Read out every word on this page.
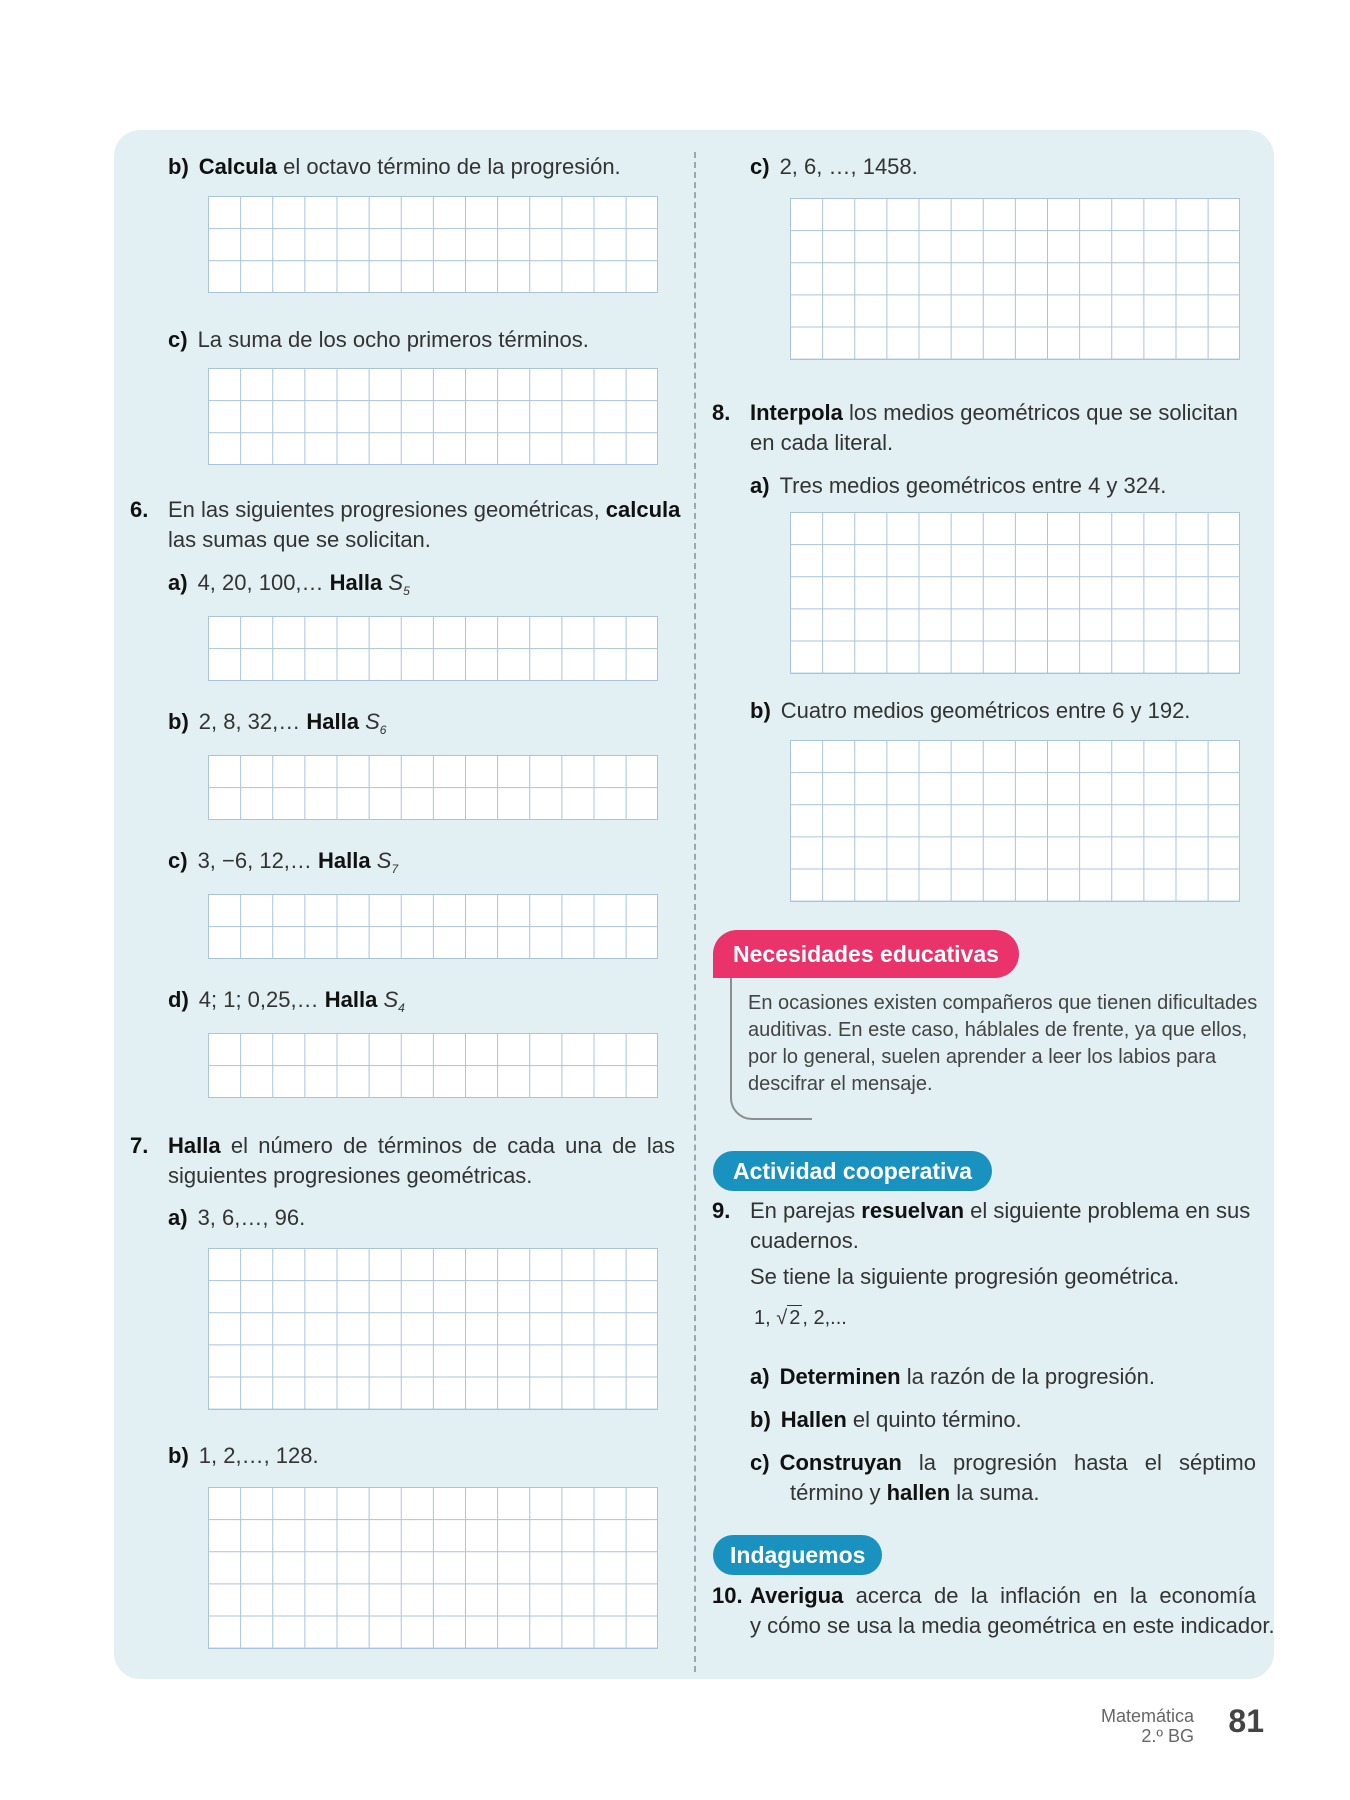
b) Calcula el octavo término de la progresión.
c) La suma de los ocho primeros términos.
6. En las siguientes progresiones geométricas, calcula
las sumas que se solicitan.
a) 4, 20, 100,… Halla $S_5$
b) 2, 8, 32,… Halla $S_6$
c) 3, −6, 12,… Halla $S_7$
d) 4; 1; 0,25,… Halla $S_4$
7. Halla el número de términos de cada una de las
siguientes progresiones geométricas.
a) 3, 6,…, 96.
b) 1, 2,…, 128.
c) 2, 6, …, 1458.
8. Interpola los medios geométricos que se solicitan
en cada literal.
a) Tres medios geométricos entre 4 y 324.
b) Cuatro medios geométricos entre 6 y 192.
Necesidades educativas
En ocasiones existen compañeros que tienen dificultades auditivas. En este caso, háblales de frente, ya que ellos, por lo general, suelen aprender a leer los labios para descifrar el mensaje.
Actividad cooperativa
9. En parejas resuelvan el siguiente problema en sus
cuadernos.
Se tiene la siguiente progresión geométrica.
1, √ 2 , 2,...
a) Determinen la razón de la progresión.
b) Hallen el quinto término.
c) Construyan la progresión hasta el séptimo
término y hallen la suma.
Indaguemos
10. Averigua acerca de la inflación en la economía
y cómo se usa la media geométrica en este indicador.
Matemática
2.º BG 81
